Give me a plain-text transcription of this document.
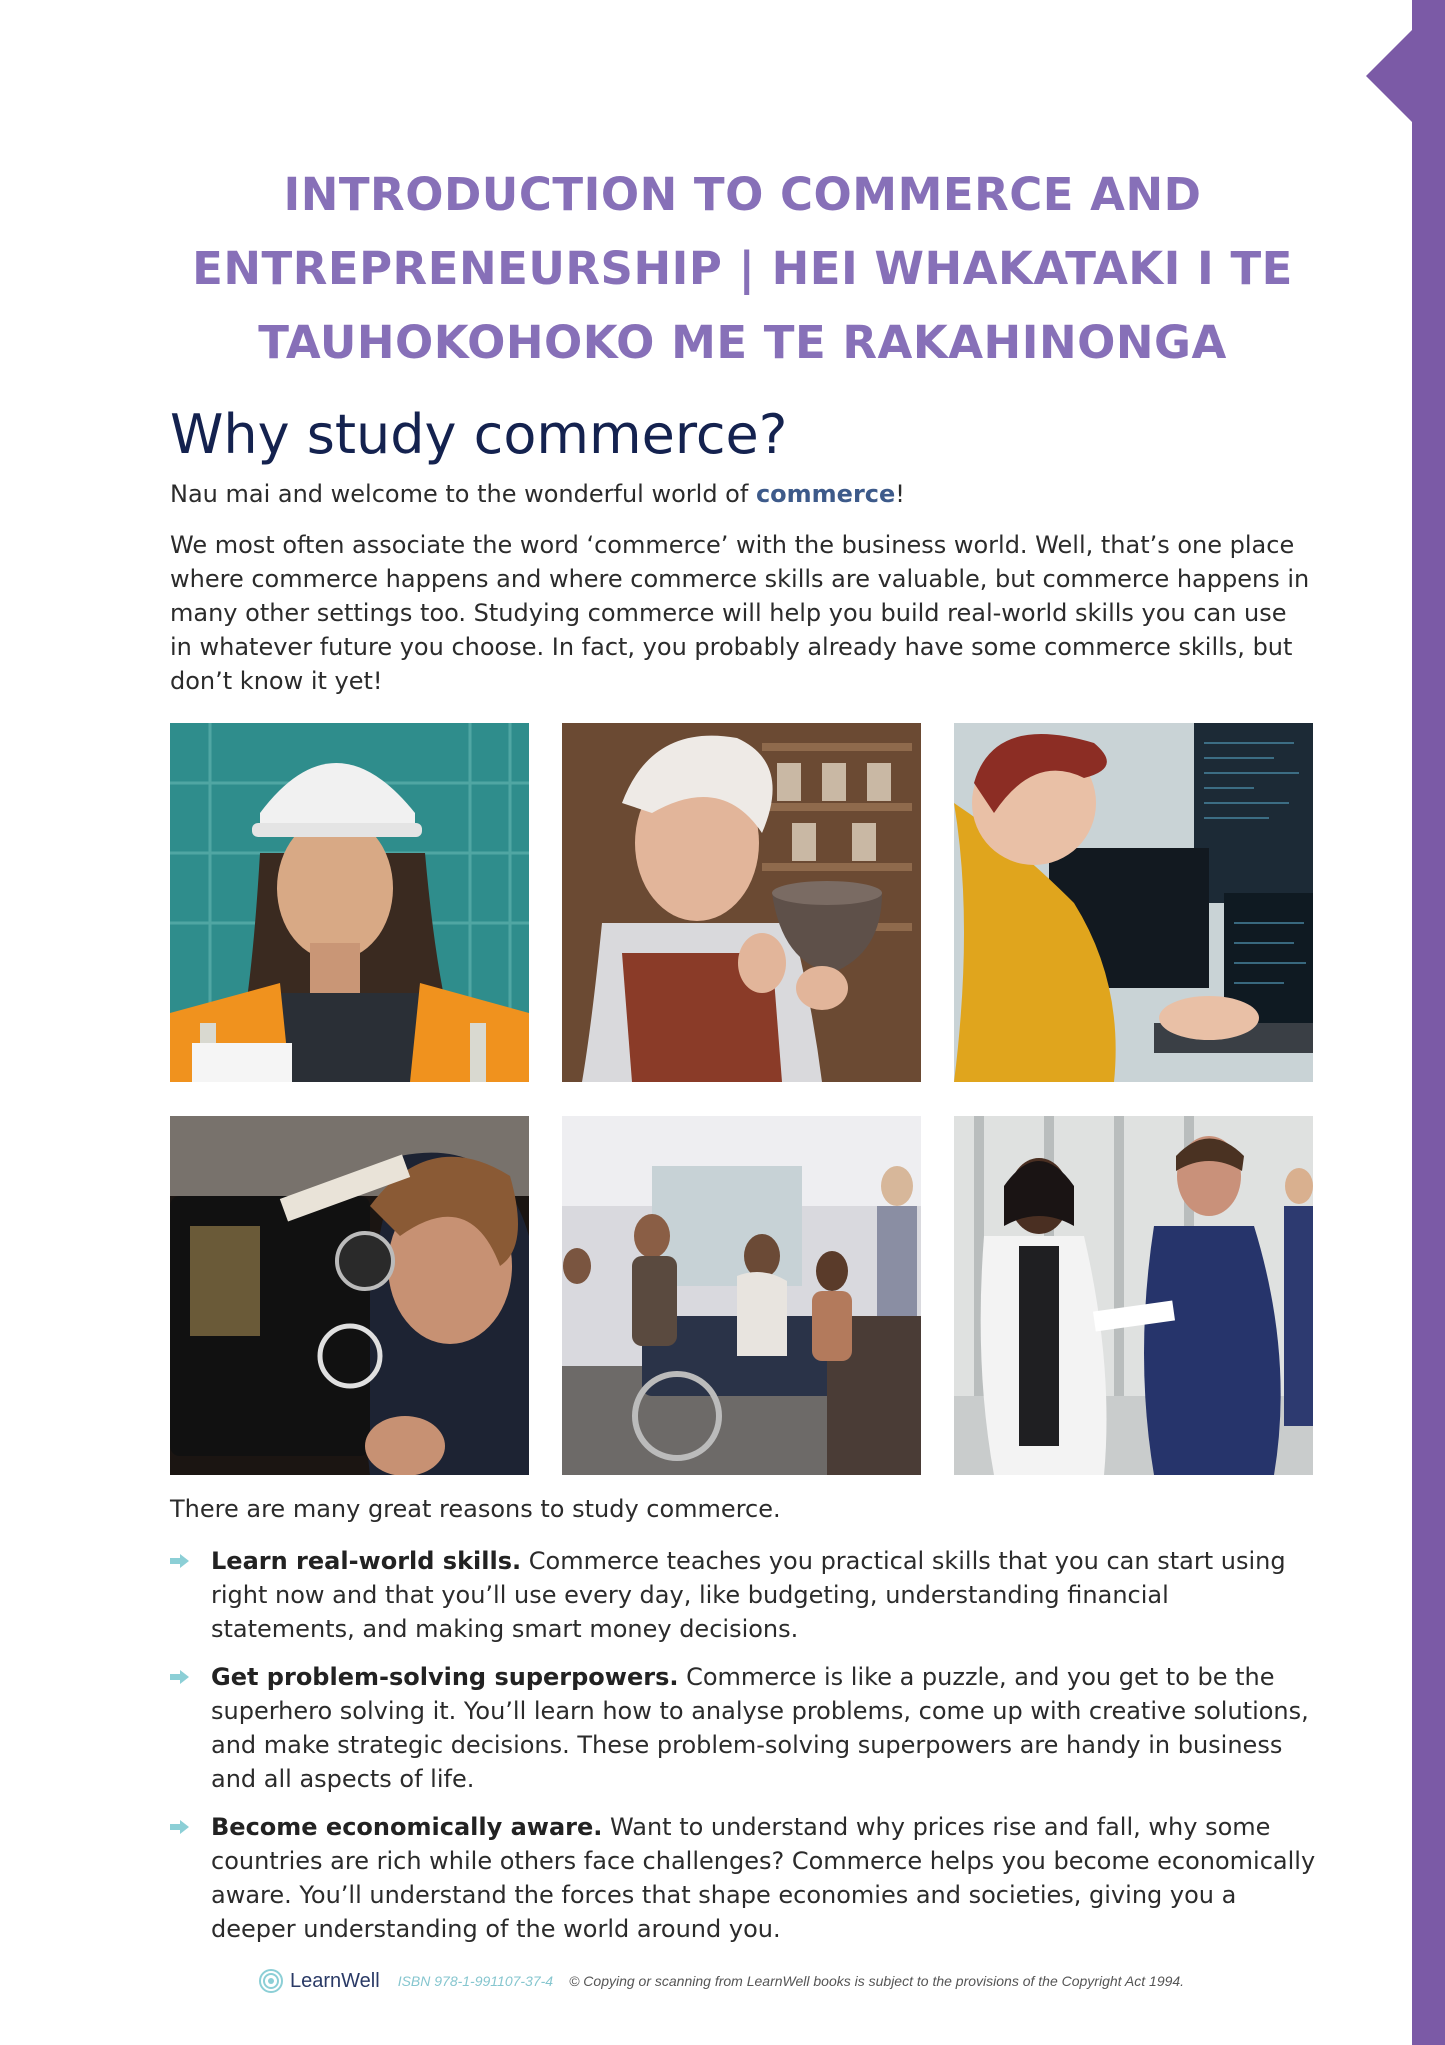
INTRODUCTION TO COMMERCE AND ENTREPRENEURSHIP | HEI WHAKATAKI I TE TAUHOKOHOKO ME TE RAKAHINONGA
Why study commerce?

Nau mai and welcome to the wonderful world of commerce!

We most often associate the word ‘commerce’ with the business world. Well, that’s one place where commerce happens and where commerce skills are valuable, but commerce happens in many other settings too. Studying commerce will help you build real-world skills you can use in whatever future you choose. In fact, you probably already have some commerce skills, but don’t know it yet!

There are many great reasons to study commerce.

Learn real-world skills. Commerce teaches you practical skills that you can start using right now and that you’ll use every day, like budgeting, understanding financial statements, and making smart money decisions.
Get problem-solving superpowers. Commerce is like a puzzle, and you get to be the superhero solving it. You’ll learn how to analyse problems, come up with creative solutions, and make strategic decisions. These problem-solving superpowers are handy in business and all aspects of life.
Become economically aware. Want to understand why prices rise and fall, why some countries are rich while others face challenges? Commerce helps you become economically aware. You’ll understand the forces that shape economies and societies, giving you a deeper understanding of the world around you.
LearnWell ISBN 978-1-991107-37-4 © Copying or scanning from LearnWell books is subject to the provisions of the Copyright Act 1994.
